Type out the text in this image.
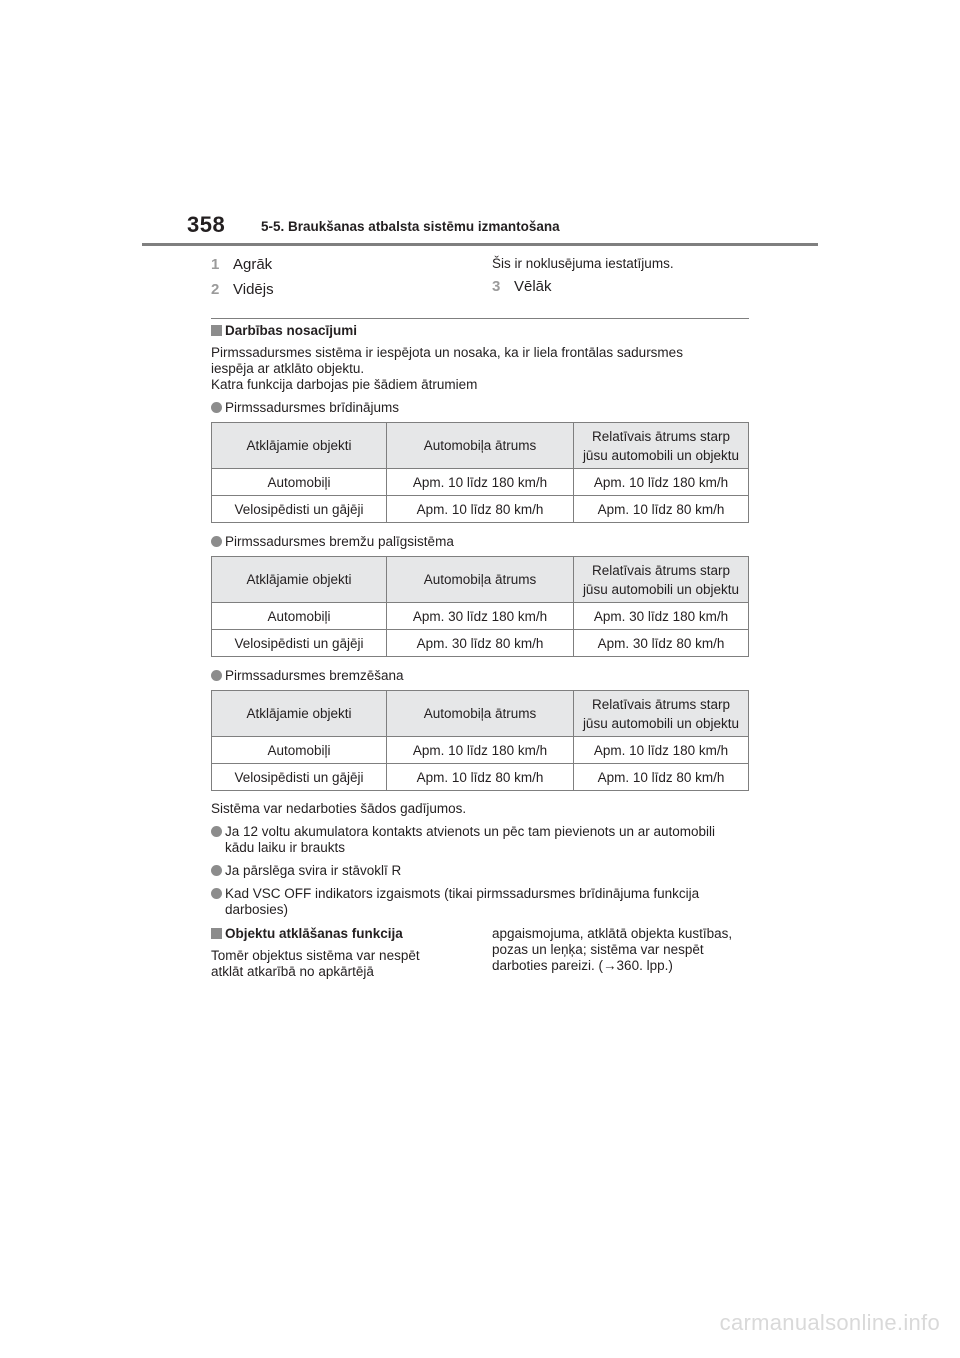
358	5-5. Braukšanas atbalsta sistēmu izmantošana
1 Agrāk
2 Vidējs
Šis ir noklusējuma iestatījums.
3 Vēlāk
Darbības nosacījumi
Pirmssadursmes sistēma ir iespējota un nosaka, ka ir liela frontālas sadursmes
iespēja ar atklāto objektu.
Katra funkcija darbojas pie šādiem ātrumiem
Pirmssadursmes brīdinājums
Atklājamie objekti	Automobiļa ātrums	Relatīvais ātrums starp
jūsu automobili un objektu

Automobiļi	Apm. 10 līdz 180 km/h	Apm. 10 līdz 180 km/h
Velosipēdisti un gājēji	Apm. 10 līdz 80 km/h	Apm. 10 līdz 80 km/h
Pirmssadursmes bremžu palīgsistēma
Atklājamie objekti	Automobiļa ātrums	Relatīvais ātrums starp
jūsu automobili un objektu

Automobiļi	Apm. 30 līdz 180 km/h	Apm. 30 līdz 180 km/h
Velosipēdisti un gājēji	Apm. 30 līdz 80 km/h	Apm. 30 līdz 80 km/h
Pirmssadursmes bremzēšana
Atklājamie objekti	Automobiļa ātrums	Relatīvais ātrums starp
jūsu automobili un objektu

Automobiļi	Apm. 10 līdz 180 km/h	Apm. 10 līdz 180 km/h
Velosipēdisti un gājēji	Apm. 10 līdz 80 km/h	Apm. 10 līdz 80 km/h
Sistēma var nedarboties šādos gadījumos.
Ja 12 voltu akumulatora kontakts atvienots un pēc tam pievienots un ar automobili
kādu laiku ir braukts
Ja pārslēga svira ir stāvoklī R
Kad VSC OFF indikators izgaismots (tikai pirmssadursmes brīdinājuma funkcija
darbosies)
Objektu atklāšanas funkcija
Tomēr objektus sistēma var nespēt
atklāt atkarībā no apkārtējā
apgaismojuma, atklātā objekta kustības,
pozas un leņķa; sistēma var nespēt
darboties pareizi. (→360. lpp.)
carmanualsonline.info
